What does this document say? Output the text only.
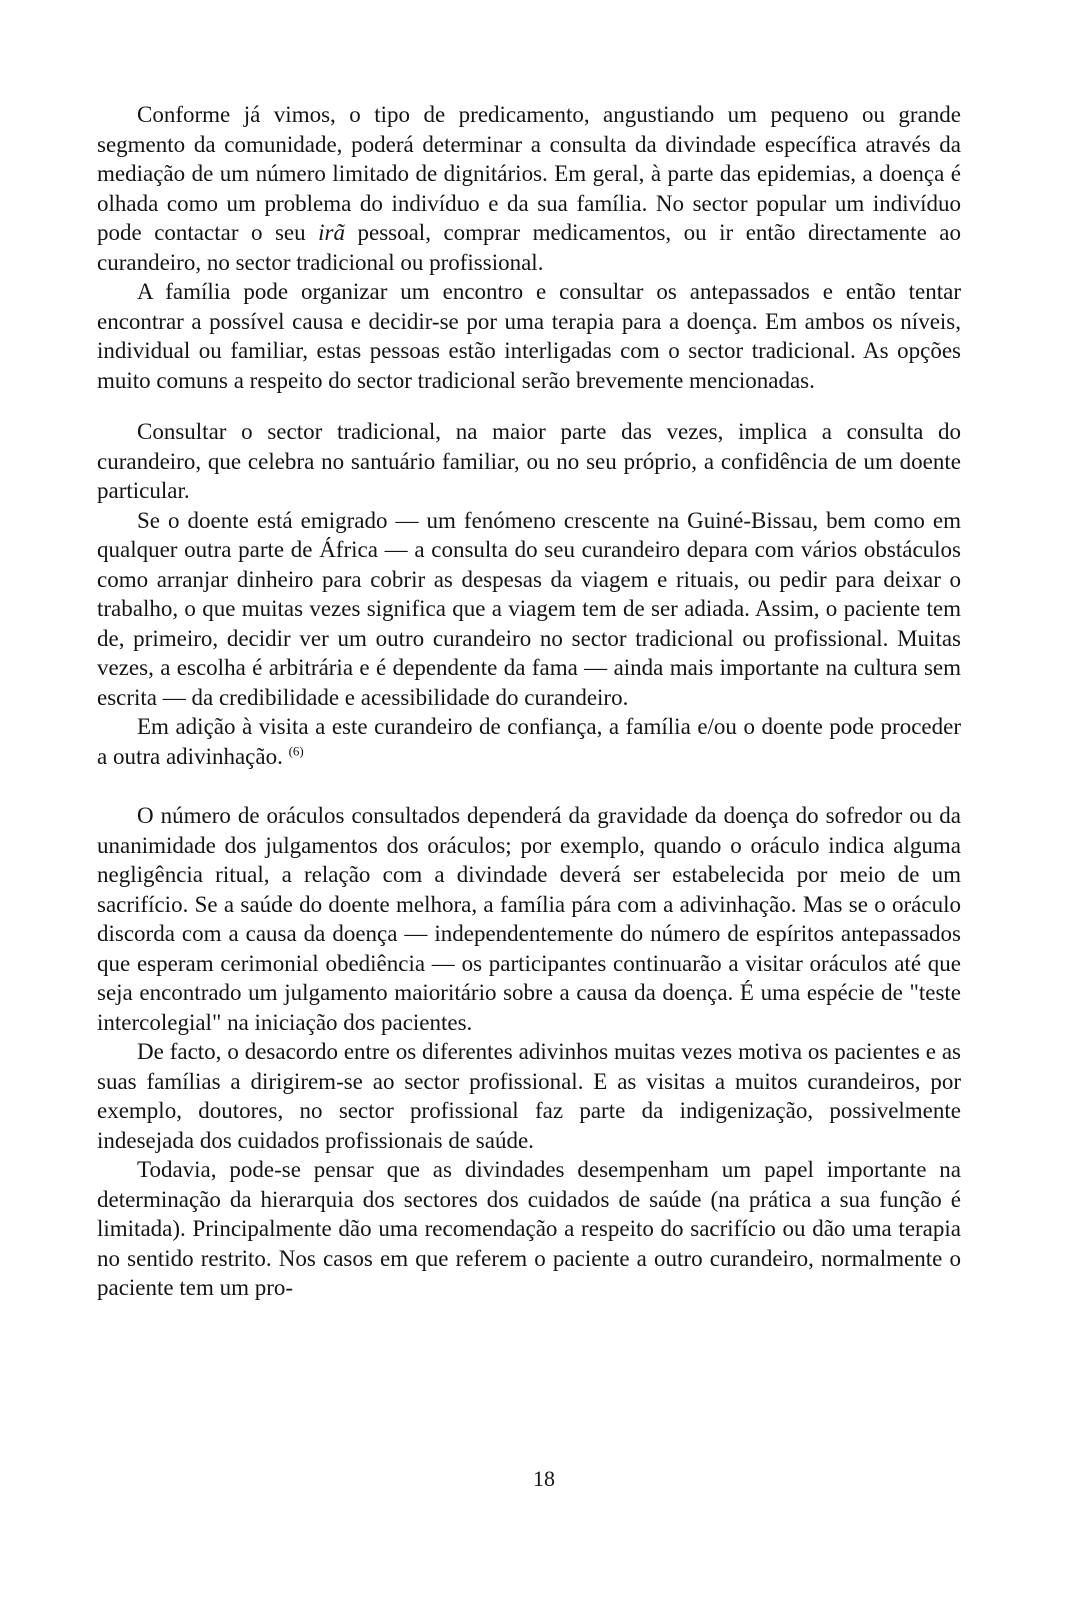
Conforme já vimos, o tipo de predicamento, angustiando um pequeno ou grande segmento da comunidade, poderá determinar a consulta da divindade específica através da mediação de um número limitado de dignitários. Em geral, à parte das epidemias, a doença é olhada como um problema do indivíduo e da sua família. No sector popular um indivíduo pode contactar o seu irã pessoal, comprar medicamentos, ou ir então directamente ao curandeiro, no sector tradicional ou profissional.

A família pode organizar um encontro e consultar os antepassados e então tentar encontrar a possível causa e decidir-se por uma terapia para a doença. Em ambos os níveis, individual ou familiar, estas pessoas estão interligadas com o sector tradicional. As opções muito comuns a respeito do sector tradicional serão brevemente mencionadas.

Consultar o sector tradicional, na maior parte das vezes, implica a consulta do curandeiro, que celebra no santuário familiar, ou no seu próprio, a confidência de um doente particular.

Se o doente está emigrado — um fenómeno crescente na Guiné-Bissau, bem como em qualquer outra parte de África — a consulta do seu curandeiro depara com vários obstáculos como arranjar dinheiro para cobrir as despesas da viagem e rituais, ou pedir para deixar o trabalho, o que muitas vezes significa que a viagem tem de ser adiada. Assim, o paciente tem de, primeiro, decidir ver um outro curandeiro no sector tradicional ou profissional. Muitas vezes, a escolha é arbitrária e é dependente da fama — ainda mais importante na cultura sem escrita — da credibilidade e acessibilidade do curandeiro.

Em adição à visita a este curandeiro de confiança, a família e/ou o doente pode proceder a outra adivinhação. $^{(6)}$

O número de oráculos consultados dependerá da gravidade da doença do sofredor ou da unanimidade dos julgamentos dos oráculos; por exemplo, quando o oráculo indica alguma negligência ritual, a relação com a divindade deverá ser estabelecida por meio de um sacrifício. Se a saúde do doente melhora, a família pára com a adivinhação. Mas se o oráculo discorda com a causa da doença — independentemente do número de espíritos antepassados que esperam cerimonial obediência — os participantes continuarão a visitar oráculos até que seja encontrado um julgamento maioritário sobre a causa da doença. É uma espécie de "teste intercolegial" na iniciação dos pacientes.

De facto, o desacordo entre os diferentes adivinhos muitas vezes motiva os pacientes e as suas famílias a dirigirem-se ao sector profissional. E as visitas a muitos curandeiros, por exemplo, doutores, no sector profissional faz parte da indigenização, possivelmente indesejada dos cuidados profissionais de saúde.

Todavia, pode-se pensar que as divindades desempenham um papel importante na determinação da hierarquia dos sectores dos cuidados de saúde (na prática a sua função é limitada). Principalmente dão uma recomendação a respeito do sacrifício ou dão uma terapia no sentido restrito. Nos casos em que referem o paciente a outro curandeiro, normalmente o paciente tem um pro-

18
